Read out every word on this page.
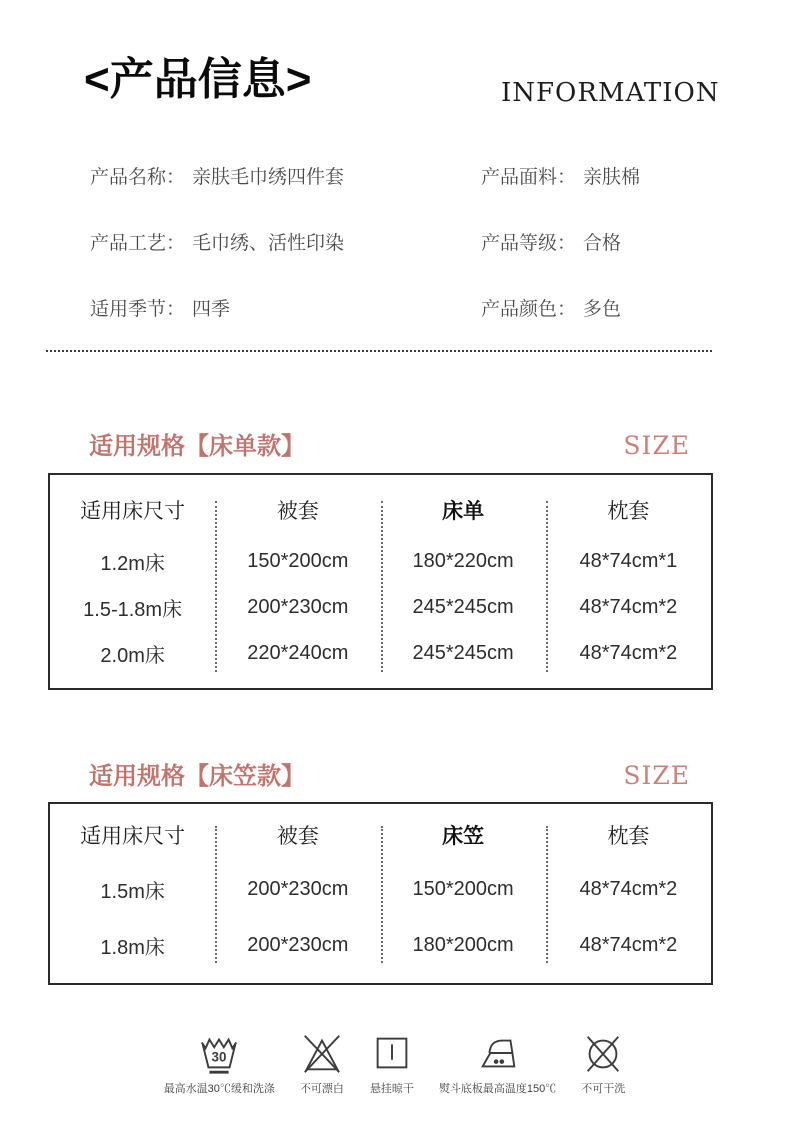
<产品信息>	INFORMATION
产品名称： 亲肤毛巾绣四件套	产品面料： 亲肤棉
产品工艺： 毛巾绣、活性印染	产品等级： 合格
适用季节： 四季	产品颜色： 多色
适用规格【床单款】	SIZE
适用床尺寸	被套	床单	枕套
1.2m床	150*200cm	180*220cm	48*74cm*1
1.5-1.8m床	200*230cm	245*245cm	48*74cm*2
2.0m床	220*240cm	245*245cm	48*74cm*2
适用规格【床笠款】	SIZE
适用床尺寸	被套	床笠	枕套
1.5m床	200*230cm	150*200cm	48*74cm*2
1.8m床	200*230cm	180*200cm	48*74cm*2
30
最高水温30℃缓和洗涤 不可漂白 悬挂晾干 熨斗底板最高温度150℃ 不可干洗
